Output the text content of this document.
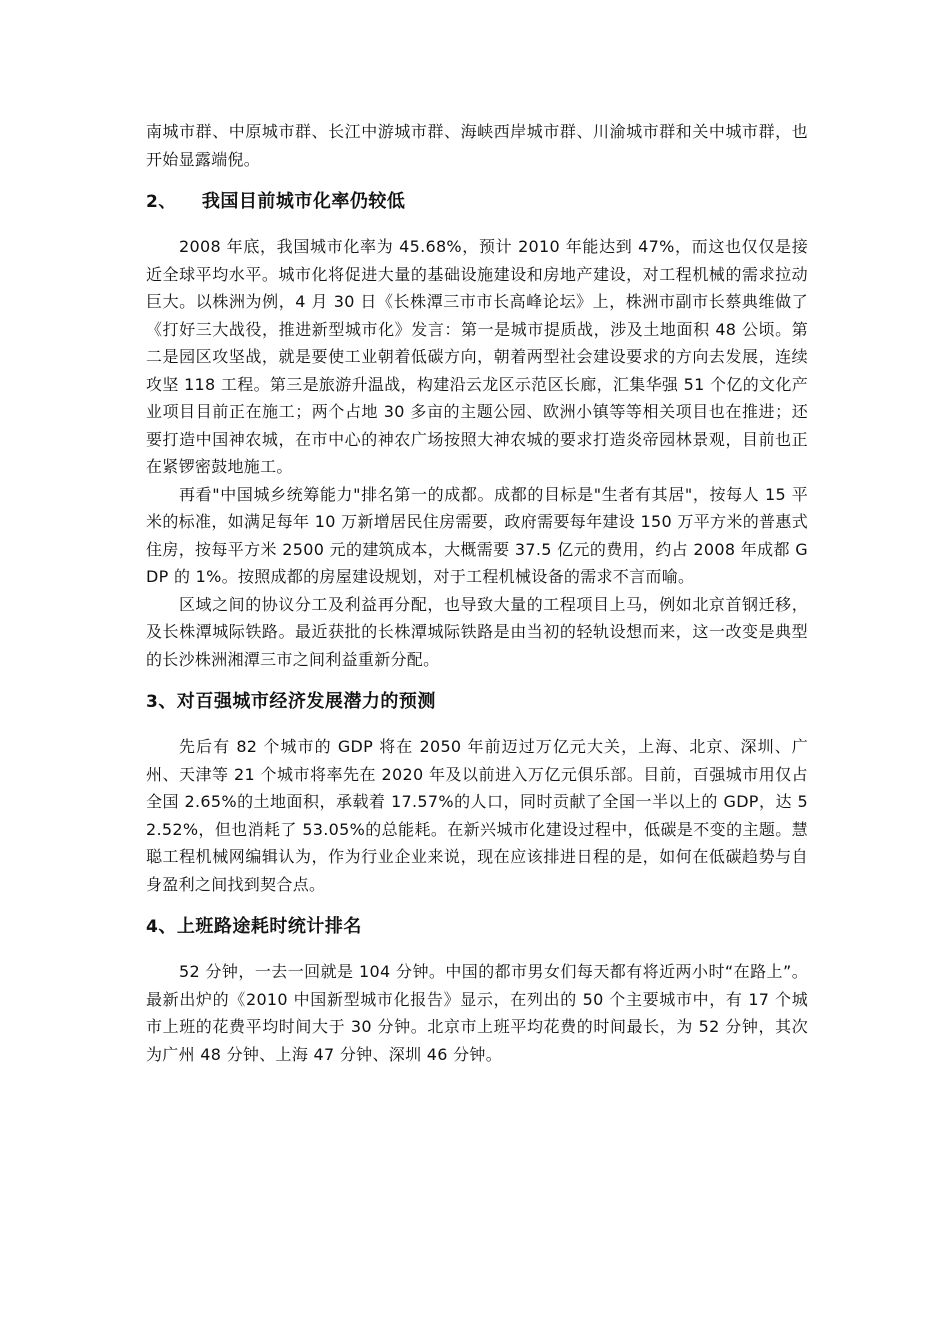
南城市群、中原城市群、长江中游城市群、海峡西岸城市群、川渝城市群和关中城市群，也开始显露端倪。

2、 我国目前城市化率仍较低

2008 年底，我国城市化率为 45.68%，预计 2010 年能达到 47%，而这也仅仅是接近全球平均水平。城市化将促进大量的基础设施建设和房地产建设，对工程机械的需求拉动巨大。以株洲为例，4 月 30 日《长株潭三市市长高峰论坛》上，株洲市副市长蔡典维做了《打好三大战役，推进新型城市化》发言：第一是城市提质战，涉及土地面积 48 公顷。第二是园区攻坚战，就是要使工业朝着低碳方向，朝着两型社会建设要求的方向去发展，连续攻坚 118 工程。第三是旅游升温战，构建沿云龙区示范区长廊，汇集华强 51 个亿的文化产业项目目前正在施工；两个占地 30 多亩的主题公园、欧洲小镇等等相关项目也在推进；还要打造中国神农城，在市中心的神农广场按照大神农城的要求打造炎帝园林景观，目前也正在紧锣密鼓地施工。

再看"中国城乡统筹能力"排名第一的成都。成都的目标是"生者有其居"，按每人 15 平米的标准，如满足每年 10 万新增居民住房需要，政府需要每年建设 150 万平方米的普惠式住房，按每平方米 2500 元的建筑成本，大概需要 37.5 亿元的费用，约占 2008 年成都 GDP 的 1%。按照成都的房屋建设规划，对于工程机械设备的需求不言而喻。

区域之间的协议分工及利益再分配，也导致大量的工程项目上马，例如北京首钢迁移，及长株潭城际铁路。最近获批的长株潭城际铁路是由当初的轻轨设想而来，这一改变是典型的长沙株洲湘潭三市之间利益重新分配。

3、对百强城市经济发展潜力的预测

先后有 82 个城市的 GDP 将在 2050 年前迈过万亿元大关，上海、北京、深圳、广州、天津等 21 个城市将率先在 2020 年及以前进入万亿元俱乐部。目前，百强城市用仅占全国 2.65%的土地面积，承载着 17.57%的人口，同时贡献了全国一半以上的 GDP，达 52.52%，但也消耗了 53.05%的总能耗。在新兴城市化建设过程中，低碳是不变的主题。慧聪工程机械网编辑认为，作为行业企业来说，现在应该排进日程的是，如何在低碳趋势与自身盈利之间找到契合点。

4、上班路途耗时统计排名

52 分钟，一去一回就是 104 分钟。中国的都市男女们每天都有将近两小时“在路上”。最新出炉的《2010 中国新型城市化报告》显示，在列出的 50 个主要城市中，有 17 个城市上班的花费平均时间大于 30 分钟。北京市上班平均花费的时间最长，为 52 分钟，其次为广州 48 分钟、上海 47 分钟、深圳 46 分钟。
